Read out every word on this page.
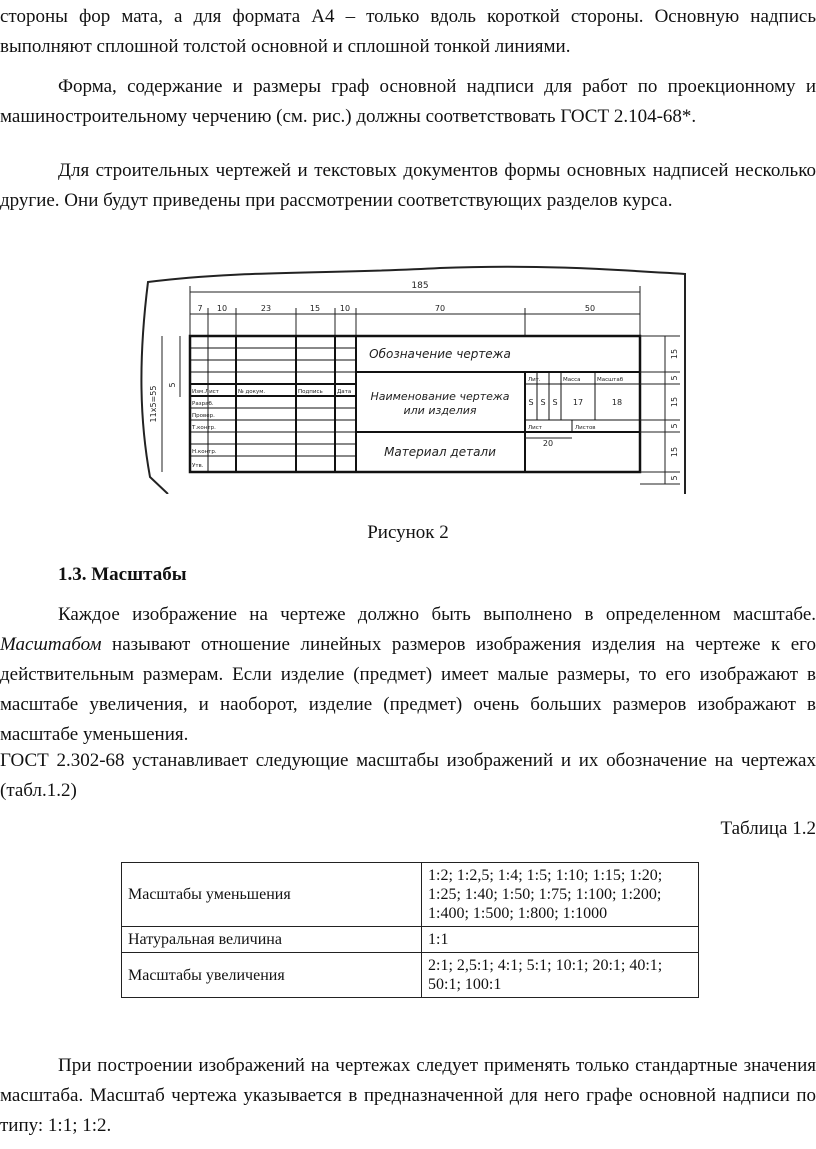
стороны фор мата, а для формата А4 – только вдоль короткой стороны. Основную надпись выполняют сплошной толстой основной и сплошной тонкой линиями.

Форма, содержание и размеры граф основной надписи для работ по проекционному и машиностроительному черчению (см. рис.) должны соответствовать ГОСТ 2.104-68*.

Для строительных чертежей и текстовых документов формы основных надписей несколько другие. Они будут приведены при рассмотрении соответствующих разделов курса.

185
7 10	23	15 10	70	50
11х5=55
5
Изм.Лист	№ докум.	Подпись	Дата
Разраб.
Провер.
Т.контр.
Н.контр.
Утв.
Обозначение чертежа
Наименование чертежа
или изделия
Материал детали
S S S 17	18
Лит.	Масса	Масштаб
Лист	Листов
20
15
5
15
5
15
5

Рисунок 2

1.3. Масштабы

Каждое изображение на чертеже должно быть выполнено в определенном масштабе. Масштабом называют отношение линейных размеров изображения изделия на чертеже к его действительным размерам. Если изделие (предмет) имеет малые размеры, то его изображают в масштабе увеличения, и наоборот, изделие (предмет) очень больших размеров изображают в масштабе уменьшения.

ГОСТ 2.302-68 устанавливает следующие масштабы изображений и их обозначение на чертежах (табл.1.2)

Таблица 1.2

Масштабы уменьшения	1:2; 1:2,5; 1:4; 1:5; 1:10; 1:15; 1:20; 1:25; 1:40; 1:50; 1:75; 1:100; 1:200; 1:400; 1:500; 1:800; 1:1000
Натуральная величина	1:1
Масштабы увеличения	2:1; 2,5:1; 4:1; 5:1; 10:1; 20:1; 40:1; 50:1; 100:1

При построении изображений на чертежах следует применять только стандартные значения масштаба. Масштаб чертежа указывается в предназначенной для него графе основной надписи по типу: 1:1; 1:2.
